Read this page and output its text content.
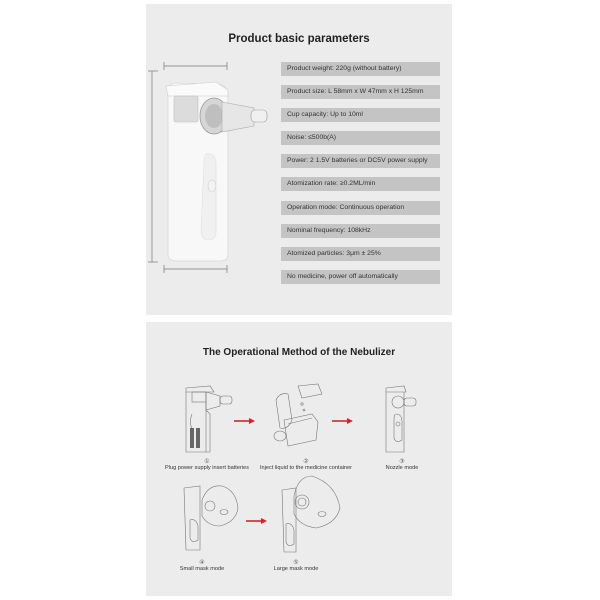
Product basic parameters
Product weight: 220g (without battery)
Product size: L 58mm x W 47mm x H 125mm
Cup capacity: Up to 10ml
Noise: ≤500b(A)
Power: 2 1.5V batteries or DC5V power supply
Atomization rate: ≥0.2ML/min
Operation mode: Continuous operation
Nominal frequency: 108kHz
Atomized particles: 3μm ± 25%
No medicine, power off automatically
The Operational Method of the Nebulizer
①
Plug power supply insert batteries
②
Inject liquid to the medicine container
③
Nozzle mode
④
Small mask mode
⑤
Large mask mode
